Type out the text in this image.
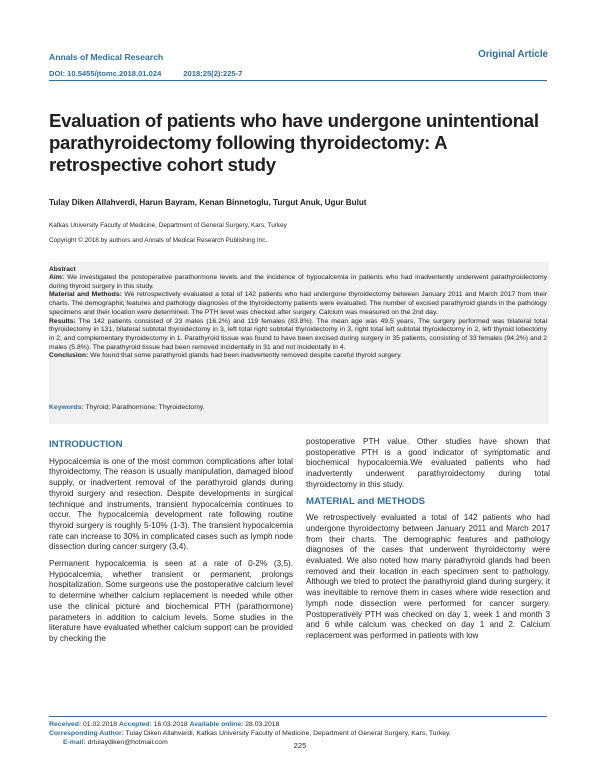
Annals of Medical Research
DOI: 10.5455/jtomc.2018.01.024	2018;25(2):225-7
Original Article
Evaluation of patients who have undergone unintentional parathyroidectomy following thyroidectomy: A retrospective cohort study
Tulay Diken Allahverdi, Harun Bayram, Kenan Binnetoglu, Turgut Anuk, Ugur Bulut
Kafkas University Faculty of Medicine, Department of General Surgery, Kars, Turkey
Copyright © 2018 by authors and Annals of Medical Research Publishing Inc.
Abstract

Aim: We investigated the postoperative parathormone levels and the incidence of hypocalcemia in patients who had inadvertently underwent parathyroidectomy during thyroid surgery in this study.

Material and Methods: We retrospectively evaluated a total of 142 patients who had undergone thyroidectomy between January 2011 and March 2017 from their charts. The demographic features and pathology diagnoses of the thyroidectomy patients were evaluated. The number of excised parathyroid glands in the pathology specimens and their location were determined. The PTH level was checked after surgery. Calcium was measured on the 2nd day.

Results: The 142 patients consisted of 23 males (16.2%) and 119 females (83.8%). The mean age was 49.5 years. The surgery performed was bilateral total thyroidectomy in 131, bilateral subtotal thyroidectomy in 3, left total right subtotal thyroidectomy in 3, right total left subtotal thyroidectomy in 2, left thyroid lobectomy in 2, and complementary thyroidectomy in 1. Parathyroid tissue was found to have been excised during surgery in 35 patients, consisting of 33 females (94.2%) and 2 males (5.8%). The parathyroid tissue had been removed incidentally in 31 and not incidentally in 4.

Conclusion: We found that some parathyroid glands had been inadvertently removed despite careful thyroid surgery.

Keywords: Thyroid; Parathormone; Thyroidectomy.
INTRODUCTION
Hypocalcemia is one of the most common complications after total thyroidectomy. The reason is usually manipulation, damaged blood supply, or inadvertent removal of the parathyroid glands during thyroid surgery and resection. Despite developments in surgical technique and instruments, transient hypocalcemia continues to occur. The hypocalcemia development rate following routine thyroid surgery is roughly 5-10% (1-3). The transient hypocalcemia rate can increase to 30% in complicated cases such as lymph node dissection during cancer surgery (3,4).
Permanent hypocalcemia is seen at a rate of 0-2% (3,5). Hypocalcemia, whether transient or permanent, prolongs hospitalization. Some surgeons use the postoperative calcium level to determine whether calcium replacement is needed while other use the clinical picture and biochemical PTH (parathormone) parameters in addition to calcium levels. Some studies in the literature have evaluated whether calcium support can be provided by checking the
postoperative PTH value. Other studies have shown that postoperative PTH is a good indicator of symptomatic and biochemical hypocalcemia.We evaluated patients who had inadvertently underwent parathyroidectomy during total thyroidectomy in this study.
MATERIAL and METHODS
We retrospectively evaluated a total of 142 patients who had undergone thyroidectomy between January 2011 and March 2017 from their charts. The demographic features and pathology diagnoses of the cases that underwent thyroidectomy were evaluated. We also noted how many parathyroid glands had been removed and their location in each specimen sent to pathology. Although we tried to protect the parathyroid gland during surgery, it was inevitable to remove them in cases where wide resection and lymph node dissection were performed for cancer surgery. Postoperatively PTH was checked on day 1, week 1 and month 3 and 6 while calcium was checked on day 1 and 2. Calcium replacement was performed in patients with low
Received: 01.02.2018 Accepted: 16.03.2018 Available online: 28.03.2018
Corresponding Author: Tulay Diken Allahverdi, Kafkas University Faculty of Medicine, Department of General Surgery, Kars, Turkey.
E-mail: drtulaydiken@hotmail.com	225
